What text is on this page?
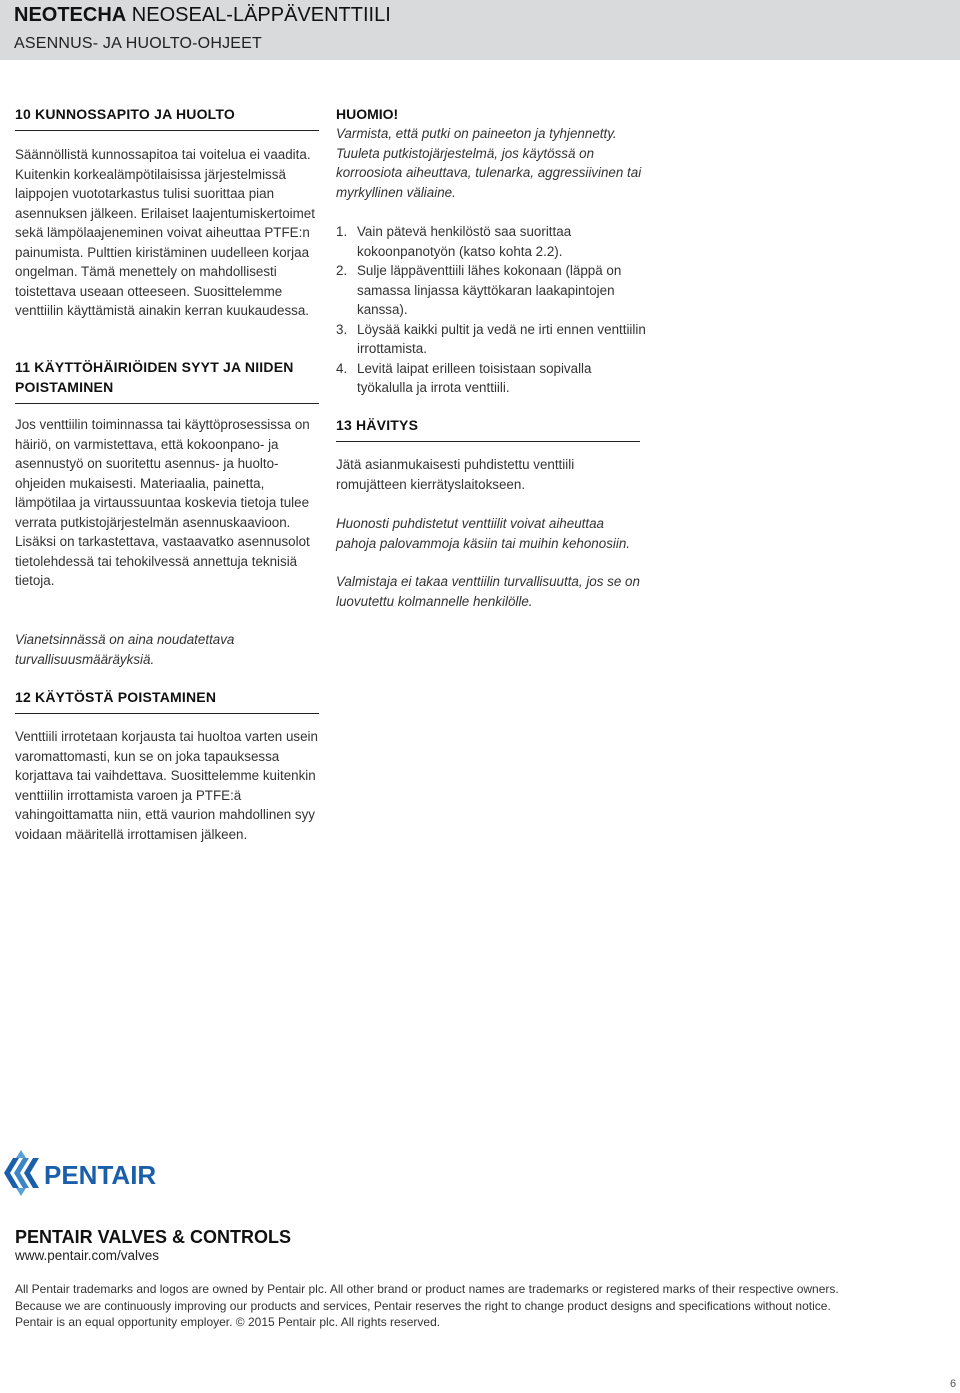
NEOTECHA NEOSEAL-LÄPPÄVENTTIILI
ASENNUS- JA HUOLTO-OHJEET
10 KUNNOSSAPITO JA HUOLTO

Säännöllistä kunnossapitoa tai voitelua ei vaadita. Kuitenkin korkealämpötilaisissa järjestelmissä laippojen vuototarkastus tulisi suorittaa pian asennuksen jälkeen. Erilaiset laajentumiskertoimet sekä lämpölaajeneminen voivat aiheuttaa PTFE:n painumista. Pulttien kiristäminen uudelleen korjaa ongelman. Tämä menettely on mahdollisesti toistettava useaan otteeseen. Suosittelemme venttiilin käyttämistä ainakin kerran kuukaudessa.

11 KÄYTTÖHÄIRIÖIDEN SYYT JA NIIDEN POISTAMINEN

Jos venttiilin toiminnassa tai käyttöprosessissa on häiriö, on varmistettava, että kokoonpano- ja asennustyö on suoritettu asennus- ja huolto-ohjeiden mukaisesti. Materiaalia, painetta, lämpötilaa ja virtaussuuntaa koskevia tietoja tulee verrata putkistojärjestelmän asennuskaavioon. Lisäksi on tarkastettava, vastaavatko asennusolot tietolehdessä tai tehokilvessä annettuja teknisiä tietoja.

Vianetsinnässä on aina noudatettava turvallisuusmääräyksiä.

12 KÄYTÖSTÄ POISTAMINEN

Venttiili irrotetaan korjausta tai huoltoa varten usein varomattomasti, kun se on joka tapauksessa korjattava tai vaihdettava. Suosittelemme kuitenkin venttiilin irrottamista varoen ja PTFE:ä vahingoittamatta niin, että vaurion mahdollinen syy voidaan määritellä irrottamisen jälkeen.

HUOMIO!

Varmista, että putki on paineeton ja tyhjennetty. Tuuleta putkistojärjestelmä, jos käytössä on korroosiota aiheuttava, tulenarka, aggressiivinen tai myrkyllinen väliaine.

1. Vain pätevä henkilöstö saa suorittaa kokoonpanotyön (katso kohta 2.2).
2. Sulje läppäventtiili lähes kokonaan (läppä on samassa linjassa käyttökaran laakapintojen kanssa).
3. Löysää kaikki pultit ja vedä ne irti ennen venttiilin irrottamista.
4. Levitä laipat erilleen toisistaan sopivalla työkalulla ja irrota venttiili.
13 HÄVITYS

Jätä asianmukaisesti puhdistettu venttiili romujätteen kierrätyslaitokseen.

Huonosti puhdistetut venttiilit voivat aiheuttaa pahoja palovammoja käsiin tai muihin kehonosiin.

Valmistaja ei takaa venttiilin turvallisuutta, jos se on luovutettu kolmannelle henkilölle.

PENTAIR
PENTAIR VALVES & CONTROLS
www.pentair.com/valves

All Pentair trademarks and logos are owned by Pentair plc. All other brand or product names are trademarks or registered marks of their respective owners.

Because we are continuously improving our products and services, Pentair reserves the right to change product designs and specifications without notice.

Pentair is an equal opportunity employer. © 2015 Pentair plc. All rights reserved.

6
